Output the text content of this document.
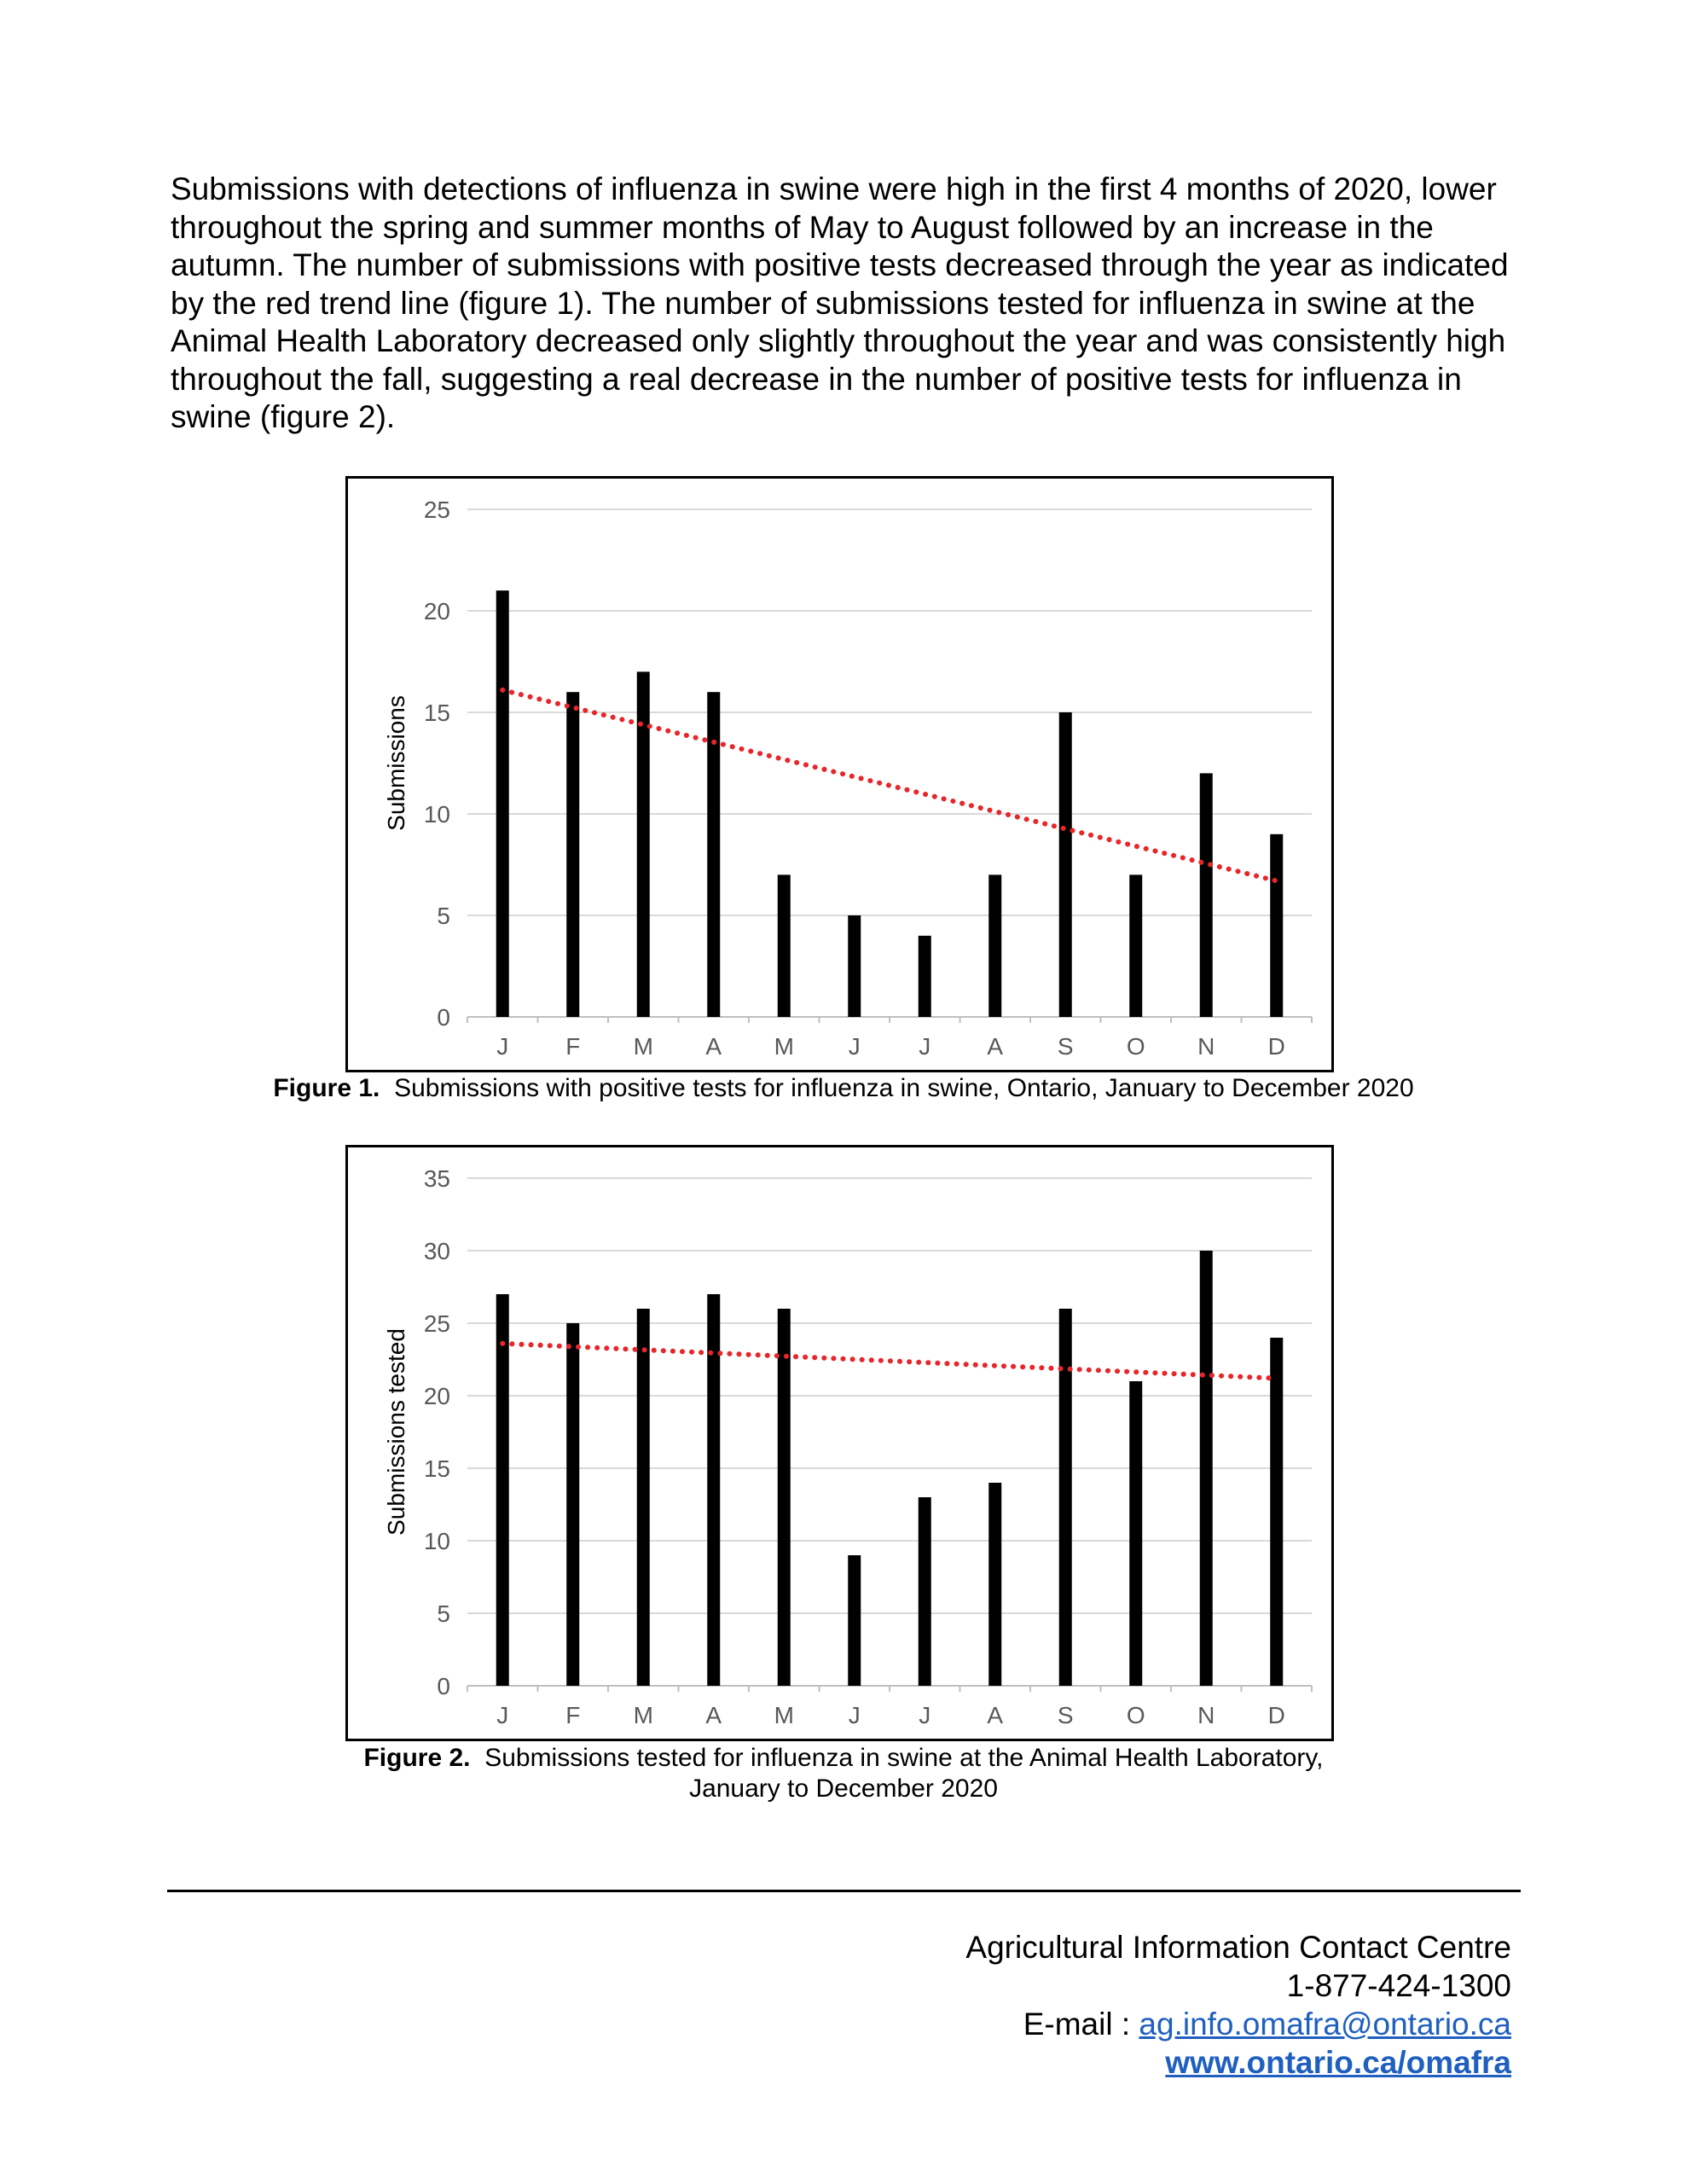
Submissions with detections of influenza in swine were high in the first 4 months of 2020, lower throughout the spring and summer months of May to August followed by an increase in the autumn. The number of submissions with positive tests decreased through the year as indicated by the red trend line (figure 1). The number of submissions tested for influenza in swine at the Animal Health Laboratory decreased only slightly throughout the year and was consistently high throughout the fall, suggesting a real decrease in the number of positive tests for influenza in swine (figure 2).

0
5
10
15
20
25
J F M A M J J A S O N D
Submissions

Figure 1. Submissions with positive tests for influenza in swine, Ontario, January to December 2020

0
5
10
15
20
25
30
35
J F M A M J J A S O N D
Submissions tested

Figure 2. Submissions tested for influenza in swine at the Animal Health Laboratory,
January to December 2020

Agricultural Information Contact Centre
1-877-424-1300
E-mail : ag.info.omafra@ontario.ca
www.ontario.ca/omafra
